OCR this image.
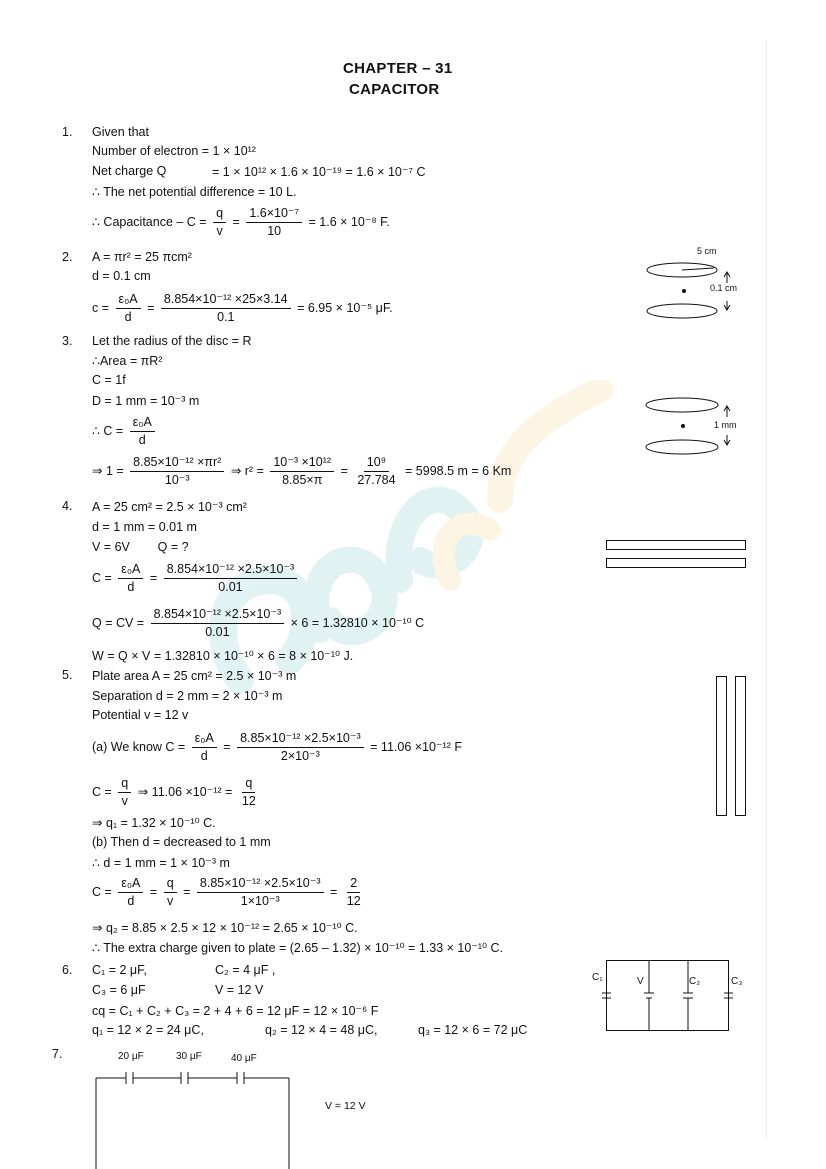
CHAPTER – 31
CAPACITOR
1. Given that
Number of electron = 1 × 10¹²
Net charge Q	= 1 × 10¹² × 1.6 × 10⁻¹⁹ = 1.6 × 10⁻⁷ C
∴ The net potential difference = 10 L.
∴ Capacitance – $C = \frac{q}{v} = \frac{\text{1.6×10⁻⁷}}{10} = 1.6 \times 10^{-8}$ F.
2. A = πr² = 25 πcm²
d = 0.1 cm
$c = \frac{\text{ε₀A}}{d} = \frac{\text{8.854×10⁻¹² ×25×3.14}}{0.1} = 6.95 \times 10^{-5}$ μF.
5 cm
0.1 cm
3. Let the radius of the disc = R
∴Area = πR²
C = 1f
D = 1 mm = 10⁻³ m
∴ $C = \frac{\text{ε₀A}}{d}$
⇒ $1 = \frac{\text{8.85×10⁻¹² ×πr²}}{\text{10⁻³}}$ ⇒ $r^2 = \frac{\text{10⁻³ ×10¹²}}{8.85\times\pi} = \frac{\text{10⁹}}{27.784} = 5998.5$ m = 6 Km
1 mm
4. A = 25 cm² = 2.5 × 10⁻³ cm²
d = 1 mm = 0.01 m
V = 6V        Q = ?
$C = \frac{\text{ε₀A}}{d} = \frac{\text{8.854×10⁻¹² ×2.5×10⁻³}}{0.01}$
Q = CV = $\frac{\text{8.854×10⁻¹² ×2.5×10⁻³}}{0.01} \times 6 = 1.32810 \times 10^{-10}$ C
W = Q × V = 1.32810 × 10⁻¹⁰ × 6 = 8 × 10⁻¹⁰ J.
5. Plate area A = 25 cm² = 2.5 × 10⁻³ m
Separation d = 2 mm = 2 × 10⁻³ m
Potential v = 12 v
(a) We know $C = \frac{\text{ε₀A}}{d} = \frac{\text{8.85×10⁻¹² ×2.5×10⁻³}}{\text{2×10⁻³}} = 11.06 \times 10^{-12}$ F
$C = \frac{q}{v}$ ⇒ $11.06 \times 10^{-12} = \frac{q}{12}$
⇒ q₁ = 1.32 × 10⁻¹⁰ C.
(b) Then d = decreased to 1 mm
∴ d = 1 mm = 1 × 10⁻³ m
$C = \frac{\text{ε₀A}}{d} = \frac{q}{v} = \frac{\text{8.85×10⁻¹² ×2.5×10⁻³}}{\text{1×10⁻³}} = \frac{2}{12}$
⇒ q₂ = 8.85 × 2.5 × 12 × 10⁻¹² = 2.65 × 10⁻¹⁰ C.
∴ The extra charge given to plate = (2.65 – 1.32) × 10⁻¹⁰ = 1.33 × 10⁻¹⁰ C.
6. C₁ = 2 μF,	C₂ = 4 μF ,
C₃ = 6 μF	V = 12 V
cq = C₁ + C₂ + C₃ = 2 + 4 + 6 = 12 μF = 12 × 10⁻⁶ F
q₁ = 12 × 2 = 24 μC,	q₂ = 12 × 4 = 48 μC,	q₃ = 12 × 6 = 72 μC
C₁	V	C₂	C₃
7.	20 μF	30 μF	40 μF
V = 12 V
